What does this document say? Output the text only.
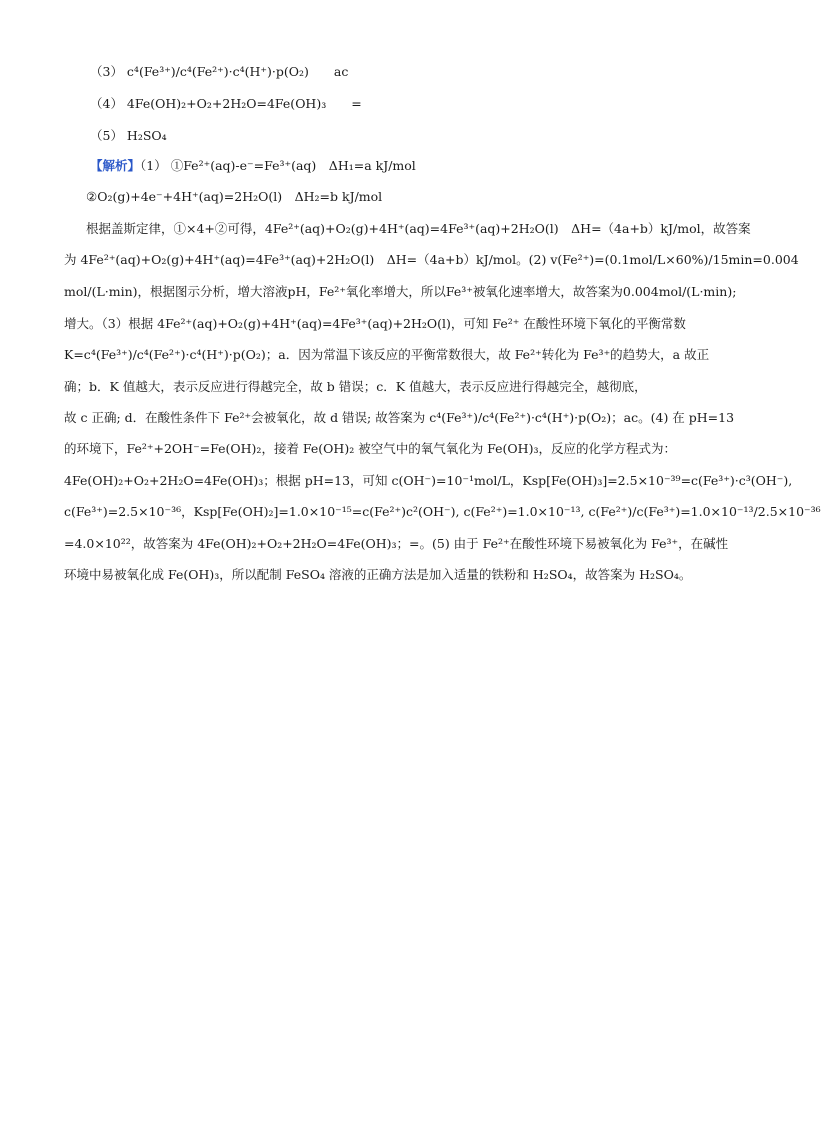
（3） c⁴(Fe³⁺)/c⁴(Fe²⁺)·c⁴(H⁺)·p(O₂)　　ac
（4） 4Fe(OH)₂+O₂+2H₂O=4Fe(OH)₃　　=
（5） H₂SO₄
【解析】（1） ①Fe²⁺(aq)-e⁻=Fe³⁺(aq)　ΔH₁=a kJ/mol
②O₂(g)+4e⁻+4H⁺(aq)=2H₂O(l)　ΔH₂=b kJ/mol
根据盖斯定律，①×4+②可得，4Fe²⁺(aq)+O₂(g)+4H⁺(aq)=4Fe³⁺(aq)+2H₂O(l)　ΔH=（4a+b）kJ/mol，故答案
为 4Fe²⁺(aq)+O₂(g)+4H⁺(aq)=4Fe³⁺(aq)+2H₂O(l)　ΔH=（4a+b）kJ/mol。(2) v(Fe²⁺)=(0.1mol/L×60%)/15min=0.004
mol/(L·min)，根据图示分析，增大溶液pH，Fe²⁺氧化率增大，所以Fe³⁺被氧化速率增大，故答案为0.004mol/(L·min);
增大。（3）根据 4Fe²⁺(aq)+O₂(g)+4H⁺(aq)=4Fe³⁺(aq)+2H₂O(l)，可知 Fe²⁺ 在酸性环境下氧化的平衡常数
K=c⁴(Fe³⁺)/c⁴(Fe²⁺)·c⁴(H⁺)·p(O₂)；a．因为常温下该反应的平衡常数很大，故 Fe²⁺转化为 Fe³⁺的趋势大，a 故正
确；b．K 值越大，表示反应进行得越完全，故 b 错误；c．K 值越大，表示反应进行得越完全，越彻底，
故 c 正确; d．在酸性条件下 Fe²⁺会被氧化，故 d 错误; 故答案为 c⁴(Fe³⁺)/c⁴(Fe²⁺)·c⁴(H⁺)·p(O₂)；ac。(4) 在 pH=13
的环境下，Fe²⁺+2OH⁻=Fe(OH)₂，接着 Fe(OH)₂ 被空气中的氧气氧化为 Fe(OH)₃，反应的化学方程式为：
4Fe(OH)₂+O₂+2H₂O=4Fe(OH)₃；根据 pH=13，可知 c(OH⁻)=10⁻¹mol/L，Ksp[Fe(OH)₃]=2.5×10⁻³⁹=c(Fe³⁺)·c³(OH⁻),
c(Fe³⁺)=2.5×10⁻³⁶，Ksp[Fe(OH)₂]=1.0×10⁻¹⁵=c(Fe²⁺)c²(OH⁻), c(Fe²⁺)=1.0×10⁻¹³, c(Fe²⁺)/c(Fe³⁺)=1.0×10⁻¹³/2.5×10⁻³⁶
=4.0×10²²，故答案为 4Fe(OH)₂+O₂+2H₂O=4Fe(OH)₃；=。(5) 由于 Fe²⁺在酸性环境下易被氧化为 Fe³⁺，在碱性
环境中易被氧化成 Fe(OH)₃，所以配制 FeSO₄ 溶液的正确方法是加入适量的铁粉和 H₂SO₄，故答案为 H₂SO₄。
